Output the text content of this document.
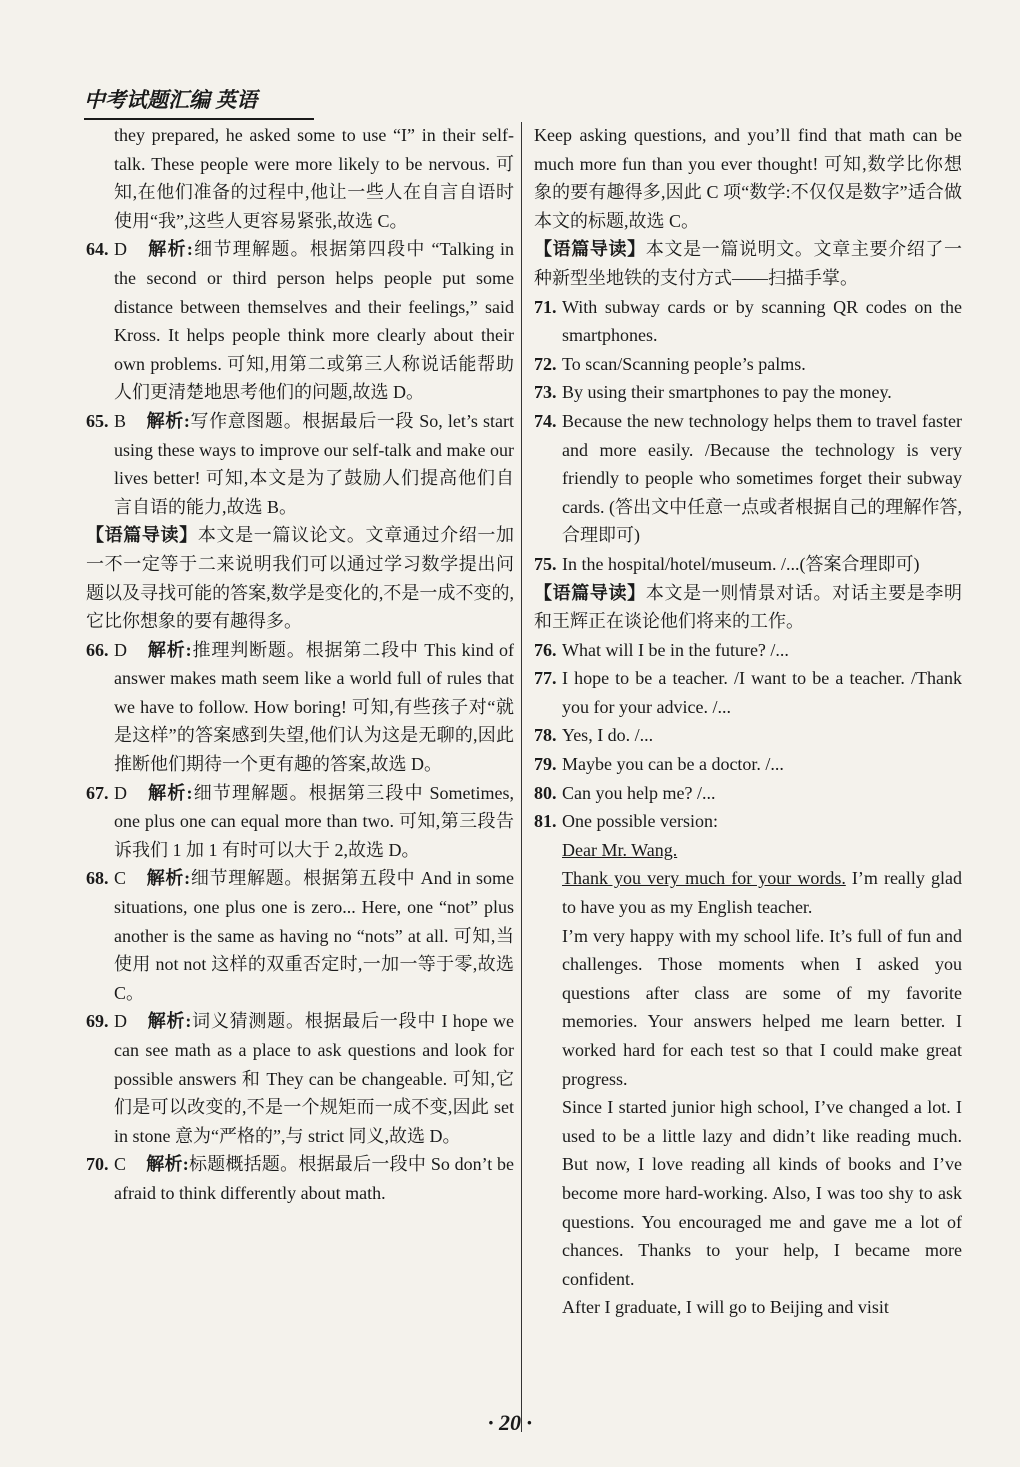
中考试题汇编 英语

they prepared, he asked some to use “I” in their self-talk. These people were more likely to be nervous. 可知,在他们准备的过程中,他让一些人在自言自语时使用“我”,这些人更容易紧张,故选 C。

64. D 解析:细节理解题。根据第四段中 “Talking in the second or third person helps people put some distance between themselves and their feelings,” said Kross. It helps people think more clearly about their own problems. 可知,用第二或第三人称说话能帮助人们更清楚地思考他们的问题,故选 D。
65. B 解析:写作意图题。根据最后一段 So, let’s start using these ways to improve our self-talk and make our lives better! 可知,本文是为了鼓励人们提高他们自言自语的能力,故选 B。

【语篇导读】本文是一篇议论文。文章通过介绍一加一不一定等于二来说明我们可以通过学习数学提出问题以及寻找可能的答案,数学是变化的,不是一成不变的,它比你想象的要有趣得多。

66. D 解析:推理判断题。根据第二段中 This kind of answer makes math seem like a world full of rules that we have to follow. How boring! 可知,有些孩子对“就是这样”的答案感到失望,他们认为这是无聊的,因此推断他们期待一个更有趣的答案,故选 D。
67. D 解析:细节理解题。根据第三段中 Sometimes, one plus one can equal more than two. 可知,第三段告诉我们 1 加 1 有时可以大于 2,故选 D。
68. C 解析:细节理解题。根据第五段中 And in some situations, one plus one is zero... Here, one “not” plus another is the same as having no “nots” at all. 可知,当使用 not not 这样的双重否定时,一加一等于零,故选 C。
69. D 解析:词义猜测题。根据最后一段中 I hope we can see math as a place to ask questions and look for possible answers 和 They can be changeable. 可知,它们是可以改变的,不是一个规矩而一成不变,因此 set in stone 意为“严格的”,与 strict 同义,故选 D。
70. C 解析:标题概括题。根据最后一段中 So don’t be afraid to think differently about math.

Keep asking questions, and you’ll find that math can be much more fun than you ever thought! 可知,数学比你想象的要有趣得多,因此 C 项“数学:不仅仅是数字”适合做本文的标题,故选 C。

【语篇导读】本文是一篇说明文。文章主要介绍了一种新型坐地铁的支付方式——扫描手掌。

71. With subway cards or by scanning QR codes on the smartphones.
72. To scan/Scanning people’s palms.
73. By using their smartphones to pay the money.
74. Because the new technology helps them to travel faster and more easily. /Because the technology is very friendly to people who sometimes forget their subway cards. (答出文中任意一点或者根据自己的理解作答,合理即可)
75. In the hospital/hotel/museum. /...(答案合理即可)

【语篇导读】本文是一则情景对话。对话主要是李明和王辉正在谈论他们将来的工作。

76. What will I be in the future? /...
77. I hope to be a teacher. /I want to be a teacher. /Thank you for your advice. /...
78. Yes, I do. /...
79. Maybe you can be a doctor. /...
80. Can you help me? /...
81. One possible version:

Dear Mr. Wang.

Thank you very much for your words. I’m really glad to have you as my English teacher.

I’m very happy with my school life. It’s full of fun and challenges. Those moments when I asked you questions after class are some of my favorite memories. Your answers helped me learn better. I worked hard for each test so that I could make great progress.

Since I started junior high school, I’ve changed a lot. I used to be a little lazy and didn’t like reading much. But now, I love reading all kinds of books and I’ve become more hard-working. Also, I was too shy to ask questions. You encouraged me and gave me a lot of chances. Thanks to your help, I became more confident.

After I graduate, I will go to Beijing and visit

· 20 ·
